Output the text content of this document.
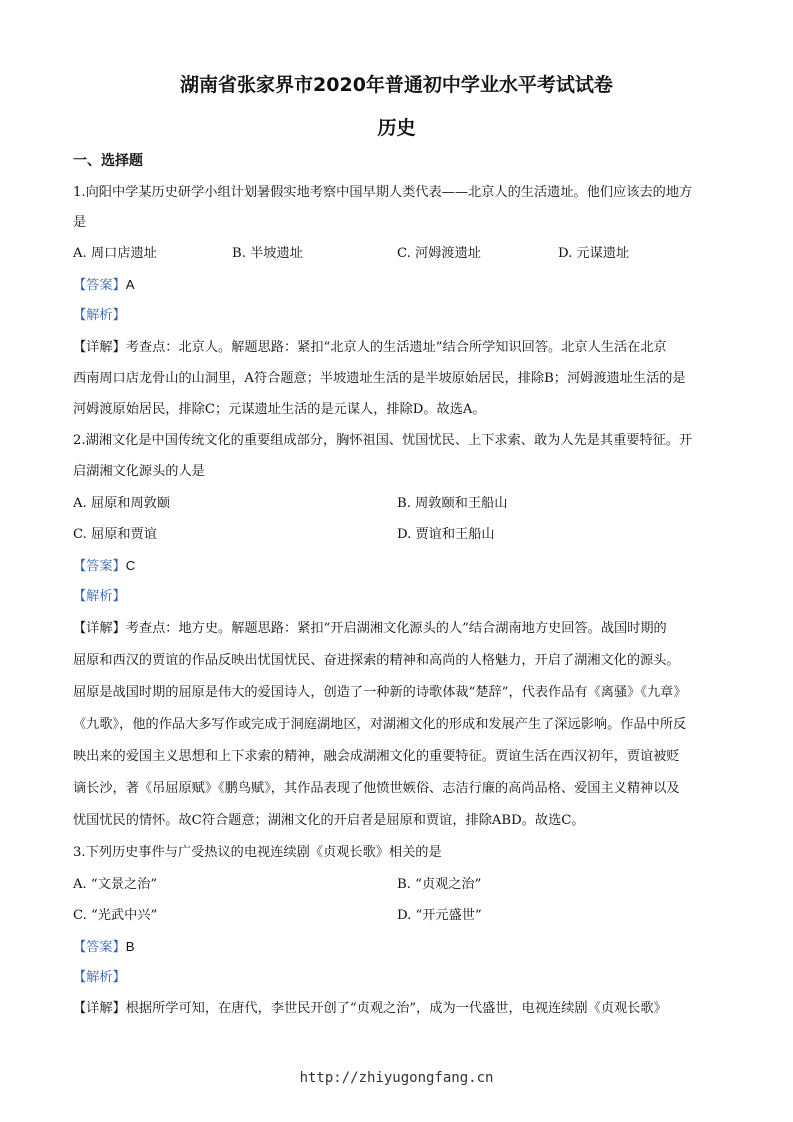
湖南省张家界市2020年普通初中学业水平考试试卷
历史
一、选择题
1.向阳中学某历史研学小组计划暑假实地考察中国早期人类代表——北京人的生活遗址。他们应该去的地方
是
A. 周口店遗址	B. 半坡遗址	C. 河姆渡遗址	D. 元谋遗址
【答案】A
【解析】
【详解】考查点：北京人。解题思路：紧扣“北京人的生活遗址”结合所学知识回答。北京人生活在北京
西南周口店龙骨山的山洞里，A符合题意；半坡遗址生活的是半坡原始居民，排除B；河姆渡遗址生活的是
河姆渡原始居民，排除C；元谋遗址生活的是元谋人，排除D。故选A。
2.湖湘文化是中国传统文化的重要组成部分，胸怀祖国、忧国忧民、上下求索、敢为人先是其重要特征。开
启湖湘文化源头的人是
A. 屈原和周敦颐	B. 周敦颐和王船山
C. 屈原和贾谊	D. 贾谊和王船山
【答案】C
【解析】
【详解】考查点：地方史。解题思路：紧扣“开启湖湘文化源头的人”结合湖南地方史回答。战国时期的
屈原和西汉的贾谊的作品反映出忧国忧民、奋进探索的精神和高尚的人格魅力，开启了湖湘文化的源头。
屈原是战国时期的屈原是伟大的爱国诗人，创造了一种新的诗歌体裁“楚辞”，代表作品有《离骚》《九章》
《九歌》，他的作品大多写作或完成于洞庭湖地区，对湖湘文化的形成和发展产生了深远影响。作品中所反
映出来的爱国主义思想和上下求索的精神，融会成湖湘文化的重要特征。贾谊生活在西汉初年，贾谊被贬
谪长沙，著《吊屈原赋》《鹏鸟赋》，其作品表现了他愤世嫉俗、志洁行廉的高尚品格、爱国主义精神以及
忧国忧民的情怀。故C符合题意；湖湘文化的开启者是屈原和贾谊，排除ABD。故选C。
3.下列历史事件与广受热议的电视连续剧《贞观长歌》相关的是
A. “文景之治”	B. “贞观之治”
C. “光武中兴”	D. “开元盛世”
【答案】B
【解析】
【详解】根据所学可知，在唐代，李世民开创了“贞观之治”，成为一代盛世，电视连续剧《贞观长歌》
http://zhiyugongfang.cn
